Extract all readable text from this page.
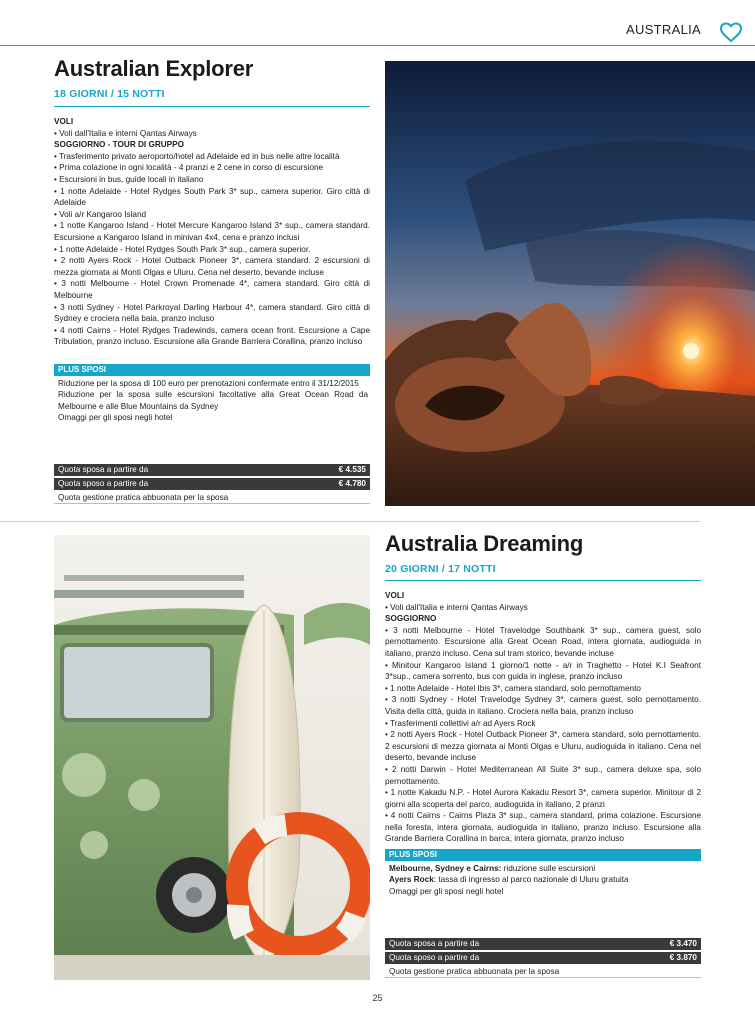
AUSTRALIA
Australian Explorer
18 GIORNI / 15 NOTTI
VOLI
• Voli dall'Italia e interni Qantas Airways
SOGGIORNO - TOUR DI GRUPPO
• Trasferimento privato aeroporto/hotel ad Adelaide ed in bus nelle altre località
• Prima colazione in ogni località - 4 pranzi e 2 cene in corso di escursione
• Escursioni in bus, guide locali in italiano
• 1 notte Adelaide - Hotel Rydges South Park 3* sup., camera superior. Giro città di Adelaide
• Voli a/r Kangaroo Island
• 1 notte Kangaroo Island - Hotel Mercure Kangaroo Island 3* sup., camera standard. Escursione a Kangaroo Island in minivan 4x4, cena e pranzo inclusi
• 1 notte Adelaide - Hotel Rydges South Park 3* sup., camera superior.
• 2 notti Ayers Rock - Hotel Outback Pioneer 3*, camera standard. 2 escursioni di mezza giornata ai Monti Olgas e Uluru. Cena nel deserto, bevande incluse
• 3 notti Melbourne - Hotel Crown Promenade 4*, camera standard. Giro città di Melbourne
• 3 notti Sydney - Hotel Parkroyal Darling Harbour 4*, camera standard. Giro città di Sydney e crociera nella baia, pranzo incluso
• 4 notti Cairns - Hotel Rydges Tradewinds, camera ocean front. Escursione a Cape Tribulation, pranzo incluso. Escursione alla Grande Barriera Corallina, pranzo incluso
PLUS SPOSI
Riduzione per la sposa di 100 euro per prenotazioni confermate entro il 31/12/2015
Riduzione per la sposa sulle escursioni facoltative alla Great Ocean Road da Melbourne e alle Blue Mountains da Sydney
Omaggi per gli sposi negli hotel
Quota sposa a partire da	€ 4.535
Quota sposo a partire da	€ 4.780
Quota gestione pratica abbuonata per la sposa
Australia Dreaming
20 GIORNI / 17 NOTTI
VOLI
• Voli dall'Italia e interni Qantas Airways
SOGGIORNO
• 3 notti Melbourne - Hotel Travelodge Southbank 3* sup., camera guest, solo pernottamento. Escursione alla Great Ocean Road, intera giornata, audioguida in italiano, pranzo incluso. Cena sul tram storico, bevande incluse
• Minitour Kangaroo Island 1 giorno/1 notte - a/r in Traghetto - Hotel K.I Seafront 3*sup., camera sorrento, bus con guida in inglese, pranzo incluso
• 1 notte Adelaide - Hotel Ibis 3*, camera standard, solo pernottamento
• 3 notti Sydney - Hotel Travelodge Sydney 3*, camera guest, solo pernottamento. Visita della città, guida in italiano. Crociera nella baia, pranzo incluso
• Trasferimenti collettivi a/r ad Ayers Rock
• 2 notti Ayers Rock - Hotel Outback Pioneer 3*, camera standard, solo pernottamento. 2 escursioni di mezza giornata ai Monti Olgas e Uluru, audioguida in italiano. Cena nel deserto, bevande incluse
• 2 notti Darwin - Hotel Mediterranean All Suite 3* sup., camera deluxe spa, solo pernottamento.
• 1 notte Kakadu N.P. - Hotel Aurora Kakadu Resort 3*, camera superior. Minitour di 2 giorni alla scoperta del parco, audioguida in italiano, 2 pranzi
• 4 notti Cairns - Cairns Plaza 3* sup., camera standard, prima colazione. Escursione nella foresta, intera giornata, audioguida in italiano, pranzo incluso. Escursione alla Grande Barriera Corallina in barca, intera giornata, pranzo incluso
PLUS SPOSI
Melbourne, Sydney e Cairns: riduzione sulle escursioni
Ayers Rock: tassa di ingresso al parco nazionale di Uluru gratuita
Omaggi per gli sposi negli hotel
Quota sposa a partire da	€ 3.470
Quota sposo a partire da	€ 3.870
Quota gestione pratica abbuonata per la sposa
25
